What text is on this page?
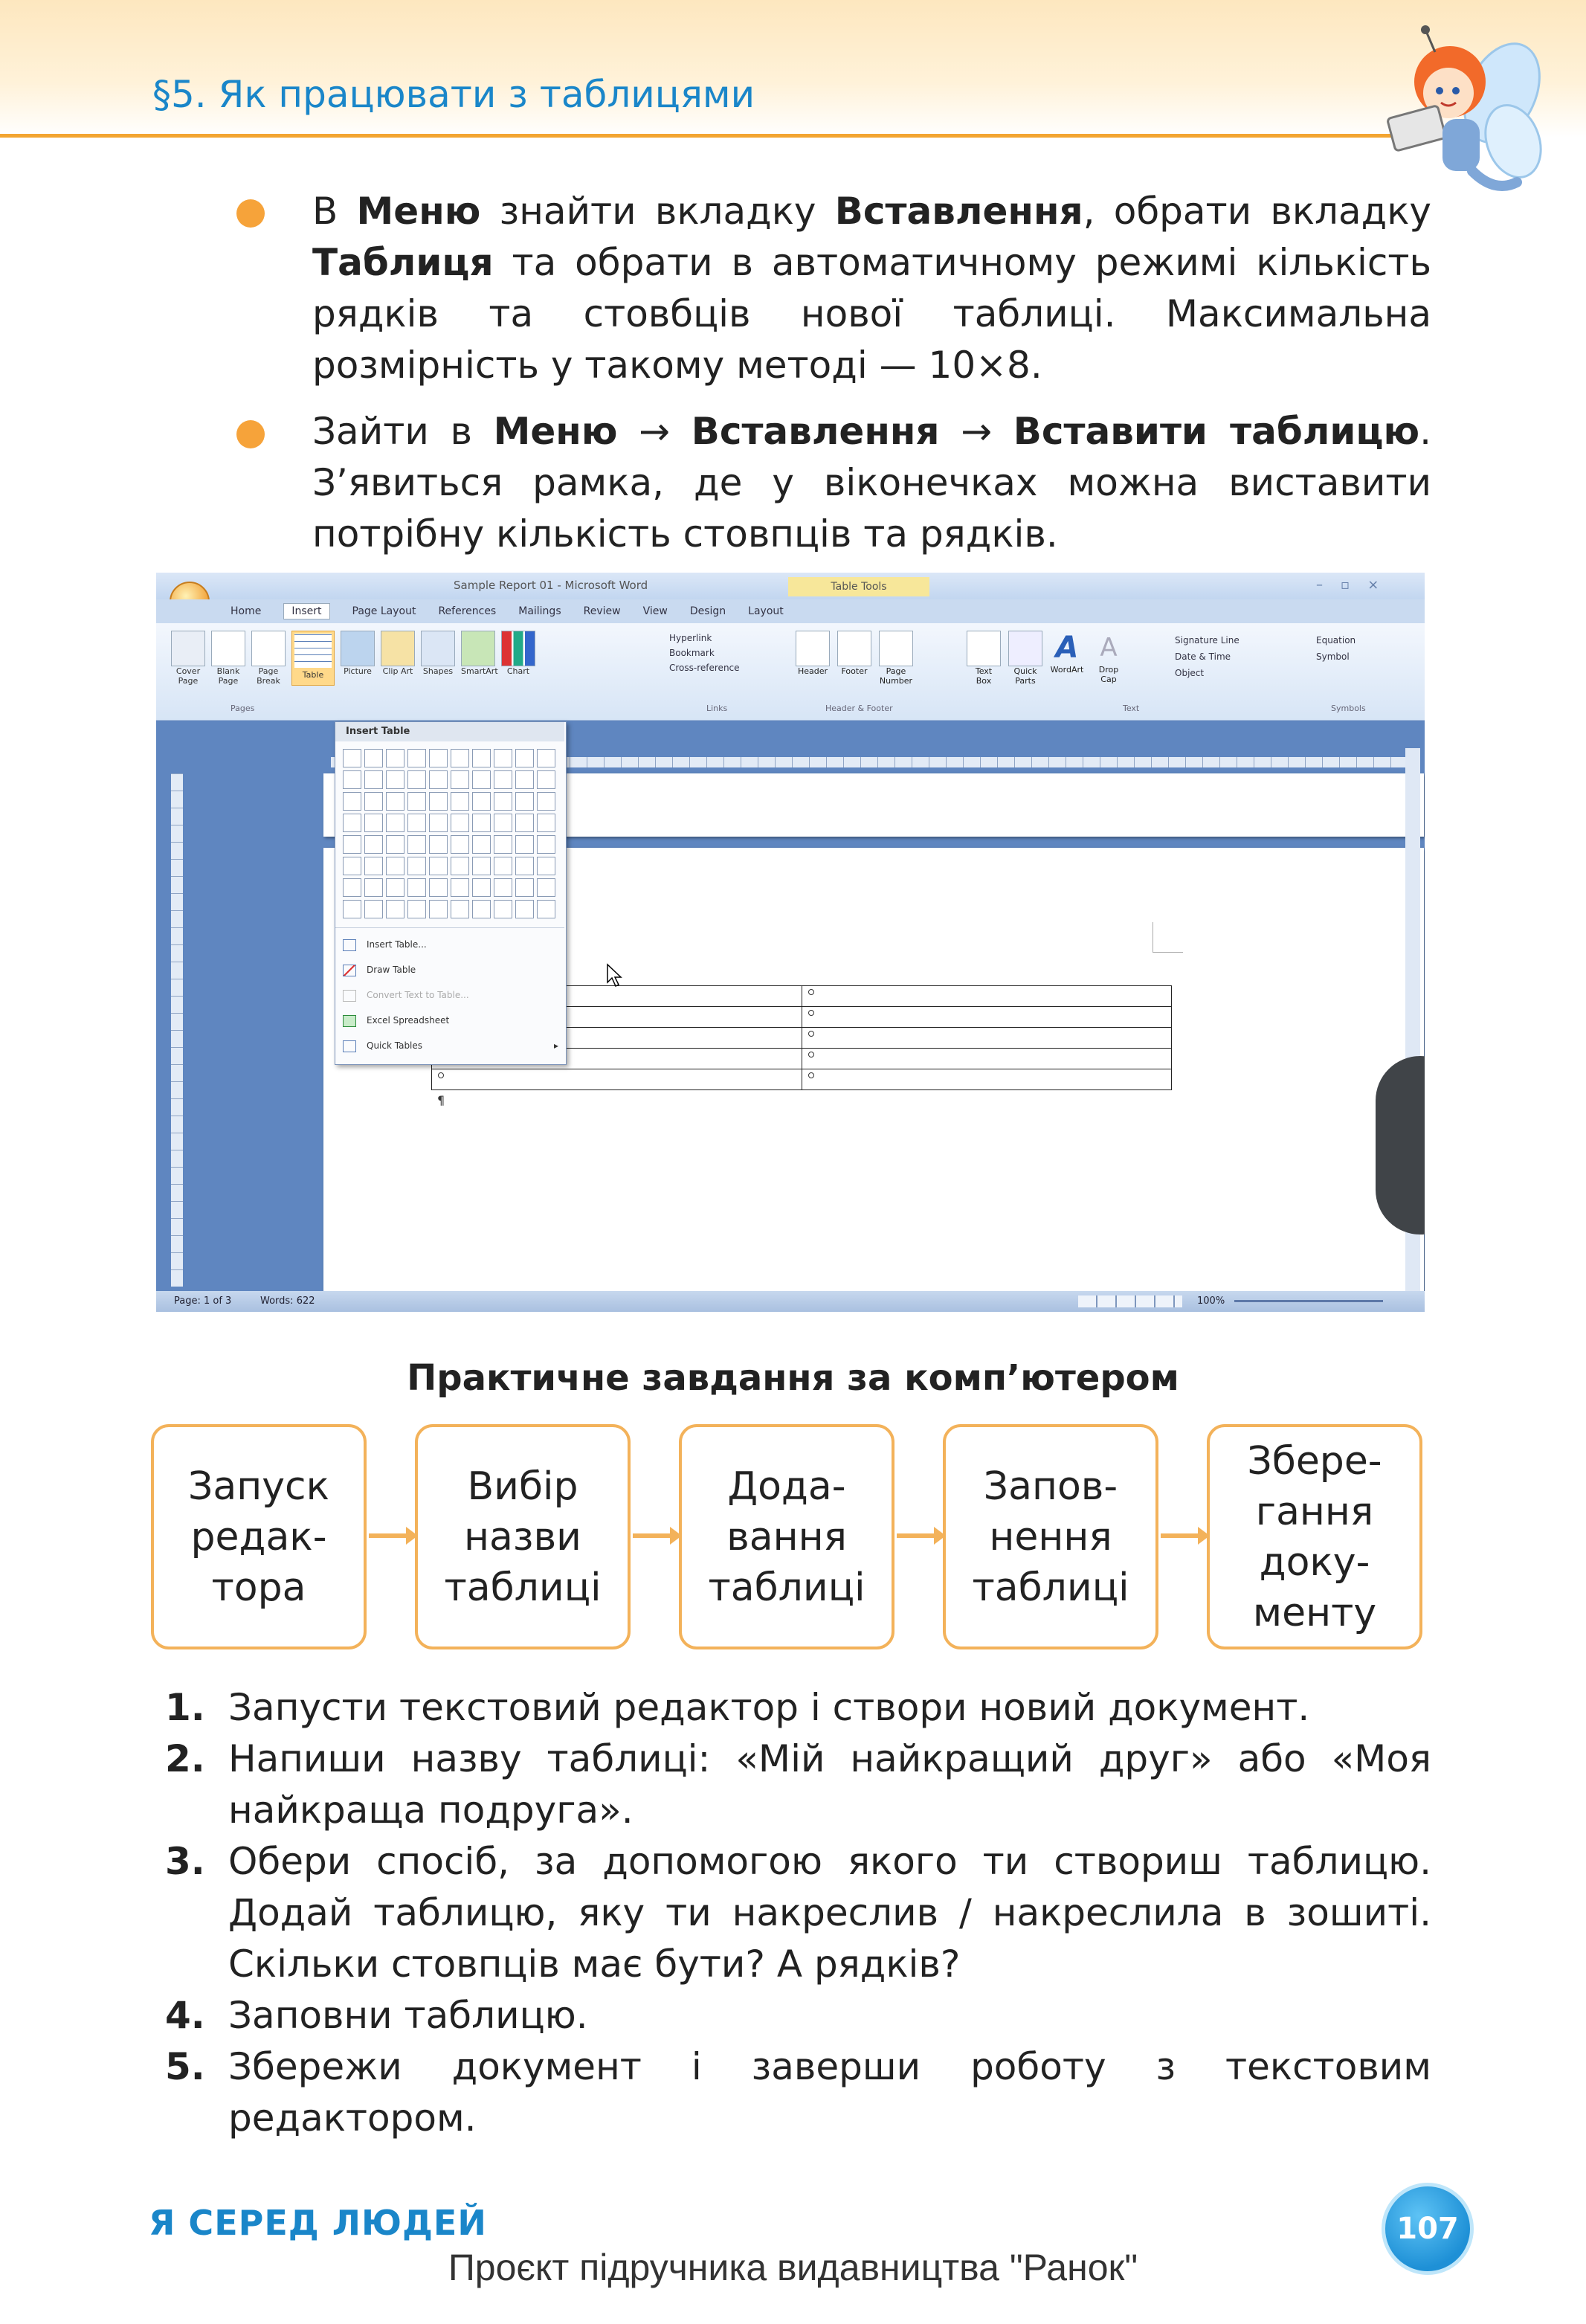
§5. Як працювати з таблицями
В Меню знайти вкладку Вставлення, обрати вкладку Таблиця та обрати в автоматичному режимі кількість рядків та стовбців нової таблиці. Максимальна розмірність у такому методі — 10×8.
Зайти в Меню → Вставлення → Вставити таблицю. З’явиться рамка, де у віконечках можна виставити потрібну кількість стовпців та рядків.
Sample Report 01 - Microsoft Word	Table Tools	–▫×
Home	Insert	Page Layout References Mailings Review View Design Layout
Cover Page
Blank Page
Page Break
Table	Picture	Clip Art Shapes SmartArt	Chart
Hyperlink
Bookmark
Cross-reference	Header	Footer	Page Number
Text Box
Quick Parts
A
WordArt
A
Drop Cap
Signature Line
Date & Time
Object
Equation
Symbol
Pages	Links	Header & Footer	Text	Symbols
¶
Insert Table
Insert Table...
Draw Table
Convert Text to Table...
Excel Spreadsheet
Quick Tables	▸
Page: 1 of 3	Words: 622	100%
Практичне завдання за комп’ютером
Запуск
редак-
тора
Вибір
назви
таблиці
Дода-
вання
таблиці
Запов-
нення
таблиці
Збере-
гання
доку-
менту
1. Запусти текстовий редактор і створи новий документ.
2. Напиши назву таблиці: «Мій найкращий друг» або «Моя найкраща подруга».
3. Обери спосіб, за допомогою якого ти створиш таблицю. Додай таблицю, яку ти накреслив / накреслила в зошиті. Скільки стовпців має бути? А рядків?
4. Заповни таблицю.
5. Збережи документ і заверши роботу з текстовим редактором.
Я СЕРЕД ЛЮДЕЙ	107
Проєкт підручника видавництва "Ранок"
